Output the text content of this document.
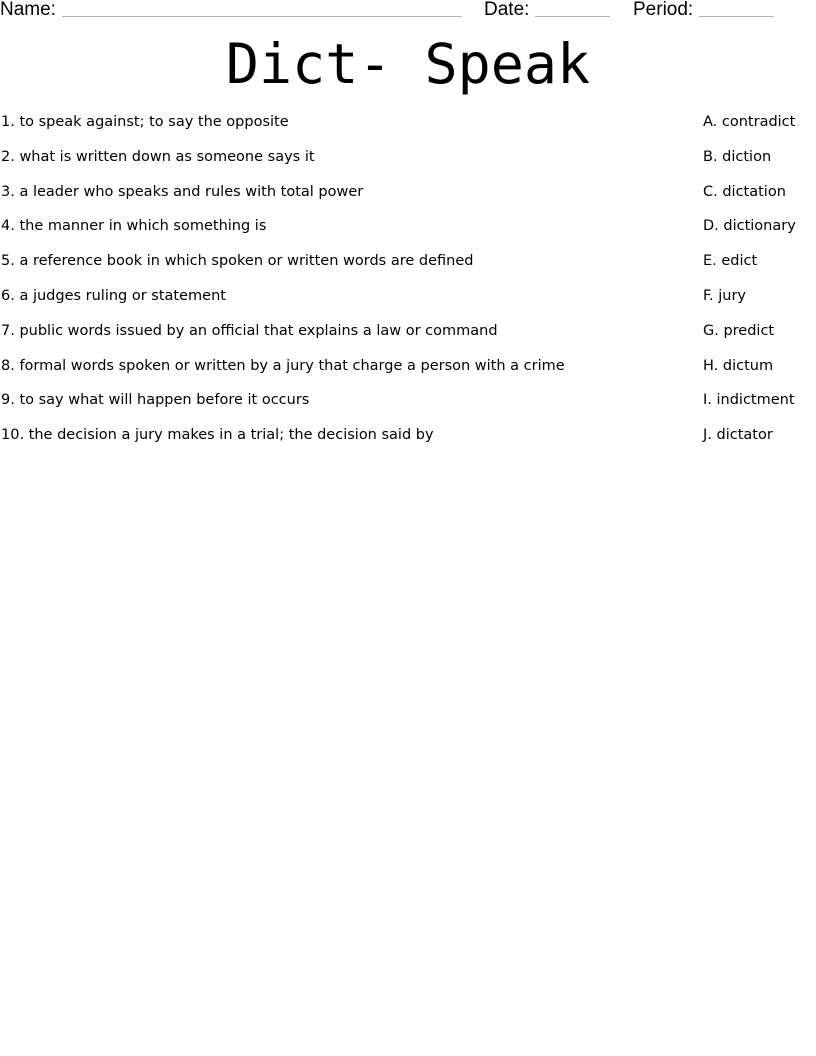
Name:	Date:	Period:
Dict- Speak
1. to speak against; to say the opposite	A. contradict
2. what is written down as someone says it	B. diction
3. a leader who speaks and rules with total power	C. dictation
4. the manner in which something is	D. dictionary
5. a reference book in which spoken or written words are defined	E. edict
6. a judges ruling or statement	F. jury
7. public words issued by an official that explains a law or command	G. predict
8. formal words spoken or written by a jury that charge a person with a crime	H. dictum
9. to say what will happen before it occurs	I. indictment
10. the decision a jury makes in a trial; the decision said by	J. dictator
